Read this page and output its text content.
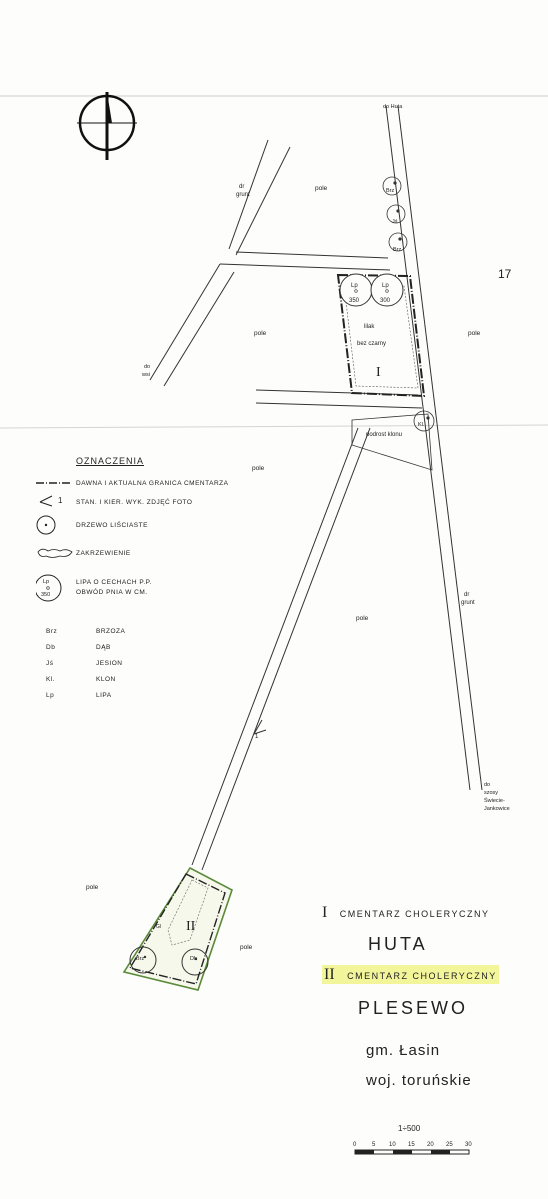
do Huta
dr
grunt
pole	Brz
Jś
Brz
17
Lp
350
Lp
300
pole	pole
lilak
bez czarny
I
do
wsi
podrost klonu
Kl.
pole
dr
grunt
pole
1
do
szosy
Świecie-
Jankowice
pole
pole
II
Gl
Brz	Db
0	5 10 15 20 25 30
OZNACZENIA
DAWNA I AKTUALNA GRANICA CMENTARZA
1 STAN. I KIER. WYK. ZDJĘĆ FOTO
DRZEWO LIŚCIASTE
ZAKRZEWIENIE
Lp
350
LIPA O CECHACH P.P.
OBWÓD PNIA W CM.
Brz	BRZOZA
Db	DĄB
Jś	JESION
Kl.	KLON
Lp	LIPA
I CMENTARZ CHOLERYCZNY
HUTA
II CMENTARZ CHOLERYCZNY
PLESEWO
gm. Łasin
woj. toruńskie
1÷500
